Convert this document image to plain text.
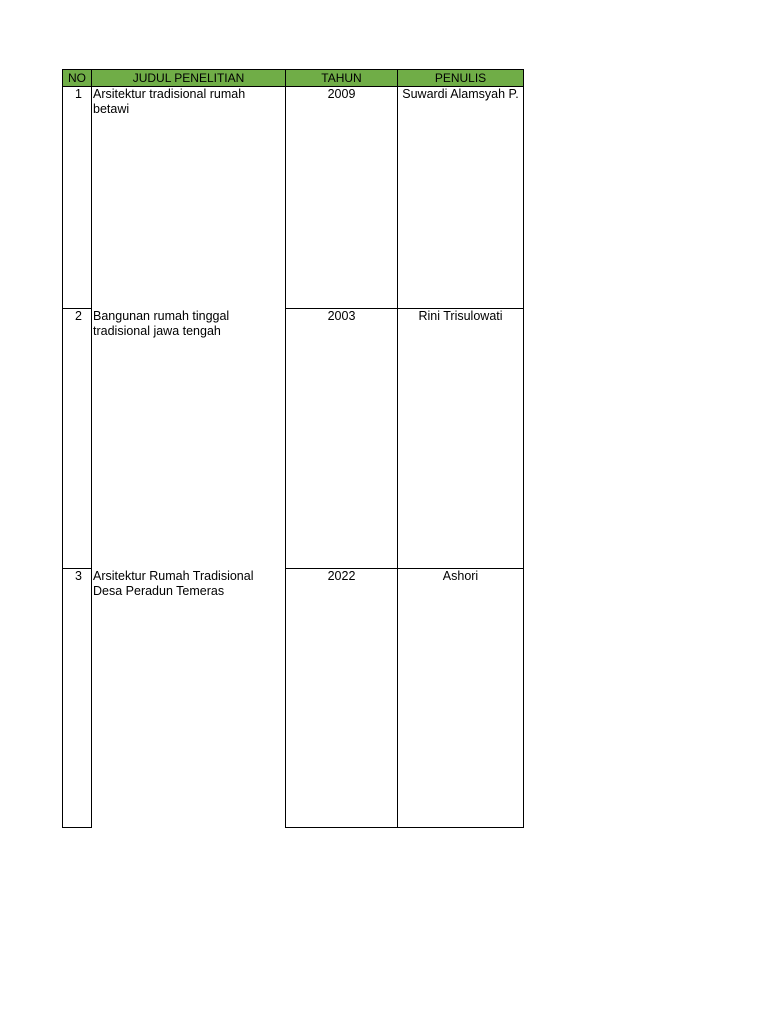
NO	JUDUL PENELITIAN	TAHUN	PENULIS
1	Arsitektur tradisional rumah betawi	2009	Suwardi Alamsyah P.
2	Bangunan rumah tinggal tradisional jawa tengah	2003	Rini Trisulowati
3	Arsitektur Rumah Tradisional Desa Peradun Temeras	2022	Ashori
